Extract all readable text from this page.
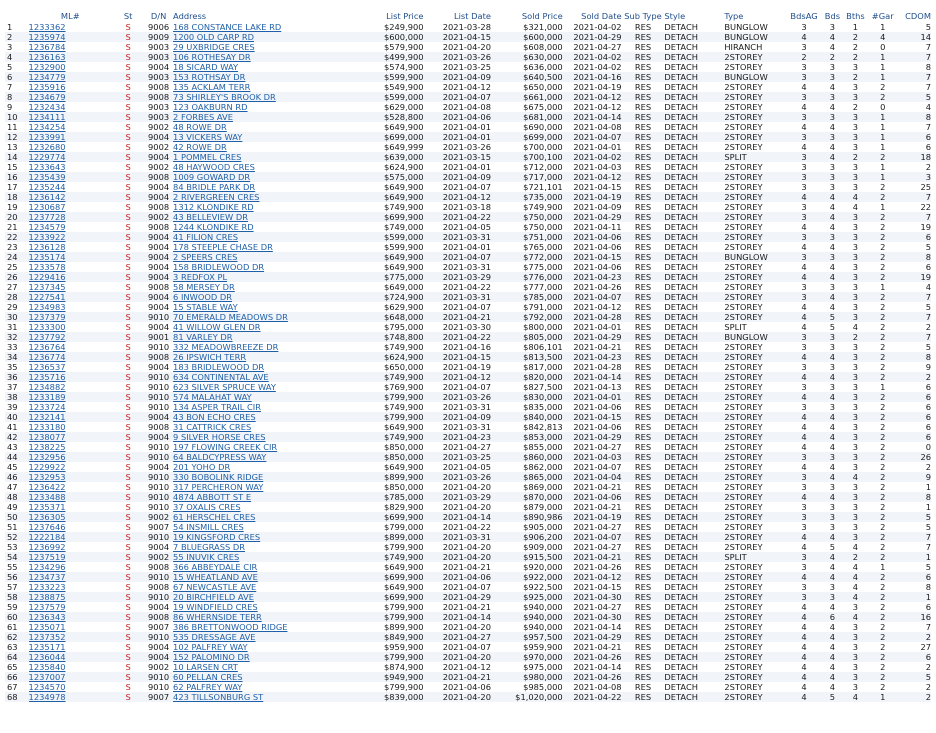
	ML#	St	D/N	Address	List Price	List Date	Sold Price	Sold Date	Sub Type	Style	Type	BdsAG	Bds	Bths	#Gar	CDOM
1	1233362	S	9006	168 CONSTANCE LAKE RD	$249,900	2021-03-28	$321,000	2021-04-02	RES	DETACH	BUNGLOW	3	3	1	1	5
2	1235974	S	9009	1200 OLD CARP RD	$600,000	2021-04-15	$600,000	2021-04-29	RES	DETACH	BUNGLOW	4	4	2	4	14
3	1236784	S	9003	29 UXBRIDGE CRES	$579,900	2021-04-20	$608,000	2021-04-27	RES	DETACH	HIRANCH	3	4	2	0	7
4	1236163	S	9003	106 ROTHESAY DR	$499,900	2021-03-26	$630,000	2021-04-02	RES	DETACH	2STOREY	2	2	2	1	7
5	1232900	S	9004	18 SICARD WAY	$574,900	2021-03-25	$636,000	2021-04-02	RES	DETACH	2STOREY	3	3	3	1	8
6	1234779	S	9003	153 ROTHSAY DR	$599,900	2021-04-09	$640,500	2021-04-16	RES	DETACH	BUNGLOW	3	3	2	1	7
7	1235916	S	9008	135 ACKLAM TERR	$549,900	2021-04-12	$650,000	2021-04-19	RES	DETACH	2STOREY	4	4	3	2	7
8	1234679	S	9008	73 SHIRLEY'S BROOK DR	$599,000	2021-04-07	$661,000	2021-04-12	RES	DETACH	2STOREY	3	3	3	2	5
9	1232434	S	9003	123 OAKBURN RD	$629,000	2021-04-08	$675,000	2021-04-12	RES	DETACH	2STOREY	4	4	2	0	4
10	1234111	S	9003	2 FORBES AVE	$528,800	2021-04-06	$681,000	2021-04-14	RES	DETACH	2STOREY	3	3	3	1	8
11	1234254	S	9002	48 ROWE DR	$649,900	2021-04-01	$690,000	2021-04-08	RES	DETACH	2STOREY	4	4	3	1	7
12	1233991	S	9004	13 VICKERS WAY	$699,000	2021-04-01	$699,000	2021-04-07	RES	DETACH	2STOREY	3	3	3	1	6
13	1232680	S	9002	42 ROWE DR	$649,999	2021-03-26	$700,000	2021-04-01	RES	DETACH	2STOREY	4	4	3	1	6
14	1229774	S	9004	1 POMMEL CRES	$639,000	2021-03-15	$700,100	2021-04-02	RES	DETACH	SPLIT	3	4	2	2	18
15	1233643	S	9002	48 HAYWOOD CRES	$624,900	2021-04-01	$712,000	2021-04-03	RES	DETACH	2STOREY	3	3	3	1	2
16	1235439	S	9008	1009 GOWARD DR	$575,000	2021-04-09	$717,000	2021-04-12	RES	DETACH	2STOREY	3	3	3	1	3
17	1235244	S	9004	84 BRIDLE PARK DR	$649,900	2021-04-07	$721,101	2021-04-15	RES	DETACH	2STOREY	3	3	3	2	25
18	1236142	S	9004	2 RIVERGREEN CRES	$649,900	2021-04-12	$735,000	2021-04-19	RES	DETACH	2STOREY	4	4	4	2	7
19	1230687	S	9008	1312 KLONDIKE RD	$749,900	2021-03-18	$749,900	2021-04-09	RES	DETACH	2STOREY	3	4	4	1	22
20	1237728	S	9002	43 BELLEVIEW DR	$699,900	2021-04-22	$750,000	2021-04-29	RES	DETACH	2STOREY	3	4	3	2	7
21	1234579	S	9008	1244 KLONDIKE RD	$749,000	2021-04-05	$750,000	2021-04-11	RES	DETACH	2STOREY	4	4	3	2	19
22	1233922	S	9004	41 FILION CRES	$599,000	2021-03-31	$751,000	2021-04-06	RES	DETACH	2STOREY	3	3	3	2	6
23	1236128	S	9004	178 STEEPLE CHASE DR	$599,900	2021-04-01	$765,000	2021-04-06	RES	DETACH	2STOREY	4	4	3	2	5
24	1235174	S	9004	2 SPEERS CRES	$649,900	2021-04-07	$772,000	2021-04-15	RES	DETACH	BUNGLOW	3	3	3	2	8
25	1233578	S	9004	158 BRIDLEWOOD DR	$649,900	2021-03-31	$775,000	2021-04-06	RES	DETACH	2STOREY	4	4	3	2	6
26	1229416	S	9004	3 REDFOX PL	$775,000	2021-03-29	$776,000	2021-04-23	RES	DETACH	2STOREY	4	4	3	2	19
27	1237345	S	9008	58 MERSEY DR	$649,000	2021-04-22	$777,000	2021-04-26	RES	DETACH	2STOREY	3	3	3	1	4
28	1227541	S	9004	6 INWOOD DR	$724,900	2021-03-31	$785,000	2021-04-07	RES	DETACH	2STOREY	3	4	3	2	7
29	1234983	S	9004	15 STABLE WAY	$629,900	2021-04-07	$791,000	2021-04-12	RES	DETACH	2STOREY	4	4	3	2	5
30	1237379	S	9010	70 EMERALD MEADOWS DR	$648,000	2021-04-21	$792,000	2021-04-28	RES	DETACH	2STOREY	4	5	3	2	7
31	1233300	S	9004	41 WILLOW GLEN DR	$795,000	2021-03-30	$800,000	2021-04-01	RES	DETACH	SPLIT	4	5	4	2	2
32	1237792	S	9001	81 VARLEY DR	$748,800	2021-04-22	$805,000	2021-04-29	RES	DETACH	BUNGLOW	3	3	2	2	7
33	1236764	S	9010	332 MEADOWBREEZE DR	$749,900	2021-04-16	$806,101	2021-04-21	RES	DETACH	2STOREY	3	3	3	2	5
34	1236774	S	9008	26 IPSWICH TERR	$624,900	2021-04-15	$813,500	2021-04-23	RES	DETACH	2STOREY	4	4	3	2	8
35	1236537	S	9004	183 BRIDLEWOOD DR	$650,000	2021-04-19	$817,000	2021-04-28	RES	DETACH	2STOREY	3	3	3	2	9
36	1235716	S	9010	634 CONTINENTAL AVE	$749,900	2021-04-12	$820,000	2021-04-14	RES	DETACH	2STOREY	4	4	3	2	2
37	1234882	S	9010	623 SILVER SPRUCE WAY	$769,900	2021-04-07	$827,500	2021-04-13	RES	DETACH	2STOREY	3	3	3	1	6
38	1233189	S	9010	574 MALAHAT WAY	$799,900	2021-03-26	$830,000	2021-04-01	RES	DETACH	2STOREY	4	4	3	2	6
39	1233724	S	9010	134 ASPER TRAIL CIR	$749,900	2021-03-31	$835,000	2021-04-06	RES	DETACH	2STOREY	3	3	3	2	6
40	1232141	S	9004	43 BON ECHO CRES	$799,900	2021-04-09	$840,000	2021-04-15	RES	DETACH	2STOREY	4	4	3	2	6
41	1233180	S	9008	31 CATTRICK CRES	$649,900	2021-03-31	$842,813	2021-04-06	RES	DETACH	2STOREY	4	4	3	2	6
42	1238077	S	9004	9 SILVER HORSE CRES	$749,900	2021-04-23	$853,000	2021-04-29	RES	DETACH	2STOREY	4	4	3	2	6
43	1238225	S	9010	197 FLOWING CREEK CIR	$850,000	2021-04-27	$855,000	2021-04-27	RES	DETACH	2STOREY	4	4	3	2	0
44	1232956	S	9010	64 BALDCYPRESS WAY	$850,000	2021-03-25	$860,000	2021-04-03	RES	DETACH	2STOREY	3	3	3	2	26
45	1229922	S	9004	201 YOHO DR	$649,900	2021-04-05	$862,000	2021-04-07	RES	DETACH	2STOREY	4	4	3	2	2
46	1232953	S	9010	330 BOBOLINK RIDGE	$899,900	2021-03-26	$865,000	2021-04-04	RES	DETACH	2STOREY	3	4	4	2	9
47	1236422	S	9010	317 PERCHERON WAY	$850,000	2021-04-20	$869,000	2021-04-21	RES	DETACH	2STOREY	3	3	3	2	1
48	1233488	S	9010	4874 ABBOTT ST E	$785,000	2021-03-29	$870,000	2021-04-06	RES	DETACH	2STOREY	4	4	3	2	8
49	1235371	S	9010	37 OXALIS CRES	$829,900	2021-04-20	$879,000	2021-04-21	RES	DETACH	2STOREY	3	3	3	2	1
50	1236305	S	9002	61 HERSCHEL CRES	$699,900	2021-04-14	$890,986	2021-04-19	RES	DETACH	2STOREY	3	3	3	2	5
51	1237646	S	9007	54 INSMILL CRES	$799,000	2021-04-22	$905,000	2021-04-27	RES	DETACH	2STOREY	3	3	3	2	5
52	1222184	S	9010	19 KINGSFORD CRES	$899,000	2021-03-31	$906,200	2021-04-07	RES	DETACH	2STOREY	4	4	3	2	7
53	1236992	S	9004	7 BLUEGRASS DR	$799,900	2021-04-20	$909,000	2021-04-27	RES	DETACH	2STOREY	4	5	4	2	7
54	1237519	S	9002	55 INUVIK CRES	$749,900	2021-04-20	$915,500	2021-04-21	RES	DETACH	SPLIT	3	4	2	2	1
55	1234296	S	9008	366 ABBEYDALE CIR	$649,900	2021-04-21	$920,000	2021-04-26	RES	DETACH	2STOREY	3	4	4	1	5
56	1234737	S	9010	15 WHEATLAND AVE	$699,900	2021-04-06	$922,000	2021-04-12	RES	DETACH	2STOREY	4	4	4	2	6
57	1233223	S	9008	67 NEWCASTLE AVE	$649,900	2021-04-07	$922,500	2021-04-15	RES	DETACH	2STOREY	3	3	4	2	8
58	1238875	S	9010	20 BIRCHFIELD AVE	$699,900	2021-04-29	$925,000	2021-04-30	RES	DETACH	2STOREY	3	3	4	2	1
59	1237579	S	9004	19 WINDFIELD CRES	$799,900	2021-04-21	$940,000	2021-04-27	RES	DETACH	2STOREY	4	4	3	2	6
60	1236343	S	9008	86 WHERNSIDE TERR	$799,900	2021-04-14	$940,000	2021-04-30	RES	DETACH	2STOREY	4	6	4	2	16
61	1235071	S	9007	386 BRETTONWOOD RIDGE	$899,900	2021-04-20	$940,000	2021-04-14	RES	DETACH	2STOREY	4	4	3	2	7
62	1237352	S	9010	535 DRESSAGE AVE	$849,900	2021-04-27	$957,500	2021-04-29	RES	DETACH	2STOREY	4	4	3	2	2
63	1235171	S	9004	102 PALFREY WAY	$959,900	2021-04-07	$959,900	2021-04-21	RES	DETACH	2STOREY	4	4	3	2	27
64	1236044	S	9004	152 PALOMINO DR	$799,900	2021-04-20	$970,000	2021-04-26	RES	DETACH	2STOREY	4	4	3	2	6
65	1235840	S	9002	10 LARSEN CRT	$874,900	2021-04-12	$975,000	2021-04-14	RES	DETACH	2STOREY	4	4	3	2	2
66	1237007	S	9010	60 PELLAN CRES	$949,900	2021-04-21	$980,000	2021-04-26	RES	DETACH	2STOREY	4	4	3	2	5
67	1234570	S	9010	62 PALFREY WAY	$799,900	2021-04-06	$985,000	2021-04-08	RES	DETACH	2STOREY	4	4	3	2	2
68	1234978	S	9007	423 TILLSONBURG ST	$839,000	2021-04-20	$1,020,000	2021-04-22	RES	DETACH	2STOREY	4	5	4	1	2
